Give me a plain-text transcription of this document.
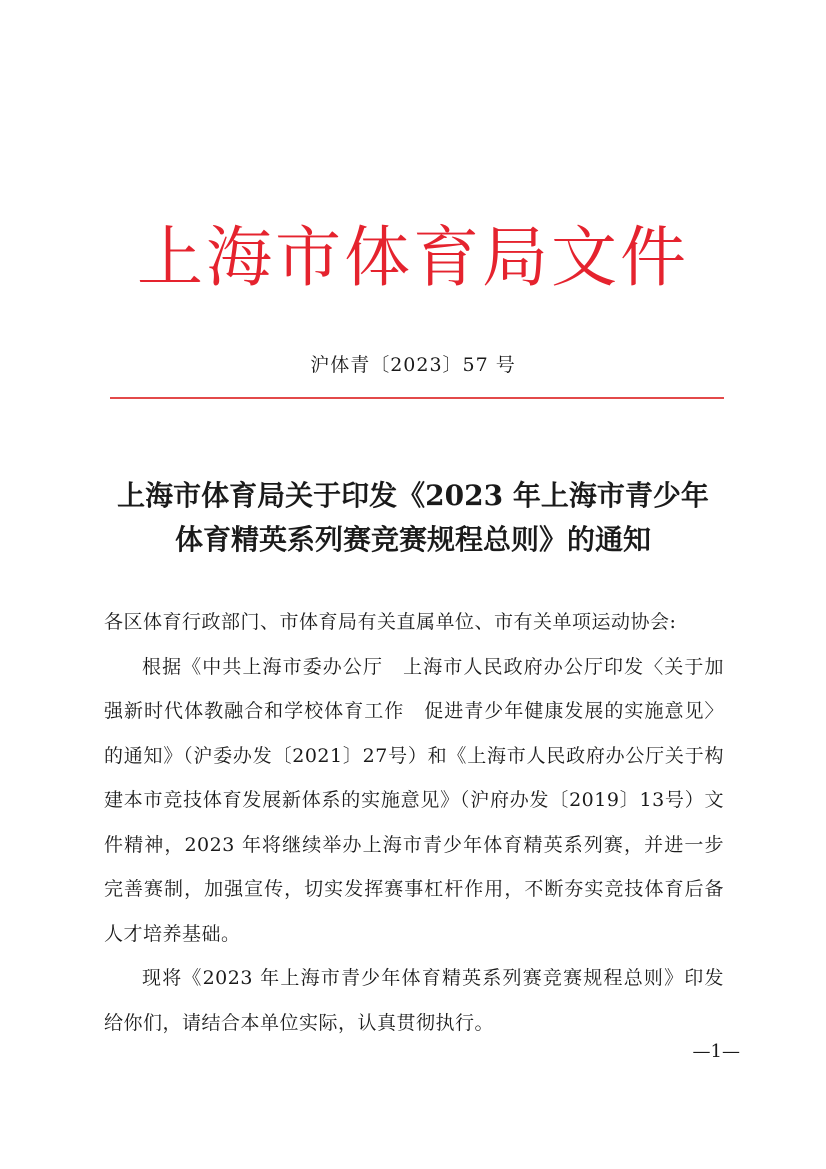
上海市体育局文件
沪体青〔2023〕57 号
上海市体育局关于印发《2023 年上海市青少年
体育精英系列赛竞赛规程总则》的通知

各区体育行政部门、市体育局有关直属单位、市有关单项运动协会:

根据《中共上海市委办公厅　上海市人民政府办公厅印发〈关于加强新时代体教融合和学校体育工作　促进青少年健康发展的实施意见〉的通知》（沪委办发〔2021〕27号）和《上海市人民政府办公厅关于构建本市竞技体育发展新体系的实施意见》（沪府办发〔2019〕13号）文件精神，2023 年将继续举办上海市青少年体育精英系列赛，并进一步完善赛制，加强宣传，切实发挥赛事杠杆作用，不断夯实竞技体育后备人才培养基础。

现将《2023 年上海市青少年体育精英系列赛竞赛规程总则》印发给你们，请结合本单位实际，认真贯彻执行。

—1—
